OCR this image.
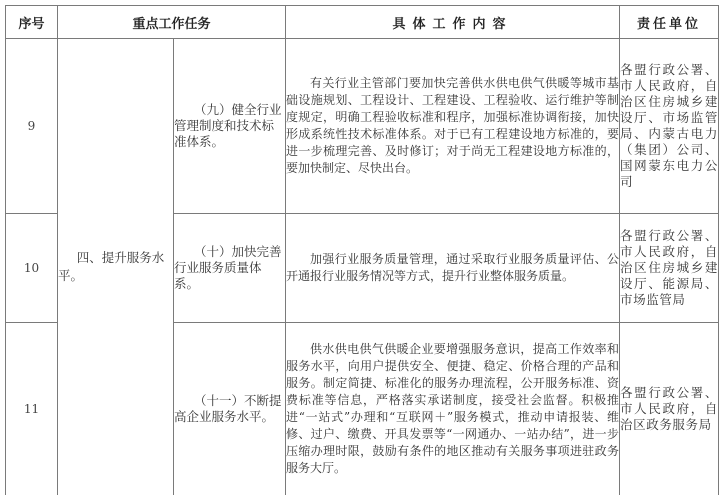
序号	重点工作任务		具体工作内容	责任单位
9	四、提升服务水平。	（九）健全行业管理制度和技术标准体系。	有关行业主管部门要加快完善供水供电供气供暖等城市基础设施规划、工程设计、工程建设、工程验收、运行维护等制度规定，明确工程验收标准和程序，加强标准协调衔接，加快形成系统性技术标准体系。对于已有工程建设地方标准的，要进一步梳理完善、及时修订；对于尚无工程建设地方标准的，要加快制定、尽快出台。	各盟行政公署、市人民政府，自治区住房城乡建设厅、市场监管局、内蒙古电力（集团）公司、国网蒙东电力公司

10		（十）加快完善行业服务质量体系。	加强行业服务质量管理，通过采取行业服务质量评估、公开通报行业服务情况等方式，提升行业整体服务质量。	各盟行政公署、市人民政府，自治区住房城乡建设厅、能源局、市场监管局

11		（十一）不断提高企业服务水平。	供水供电供气供暖企业要增强服务意识，提高工作效率和服务水平，向用户提供安全、便捷、稳定、价格合理的产品和服务。制定简捷、标准化的服务办理流程，公开服务标准、资费标准等信息，严格落实承诺制度，接受社会监督。积极推进“一站式”办理和“互联网＋”服务模式，推动申请报装、维修、过户、缴费、开具发票等“一网通办、一站办结”，进一步压缩办理时限，鼓励有条件的地区推动有关服务事项进驻政务服务大厅。	各盟行政公署、市人民政府，自治区政务服务局
